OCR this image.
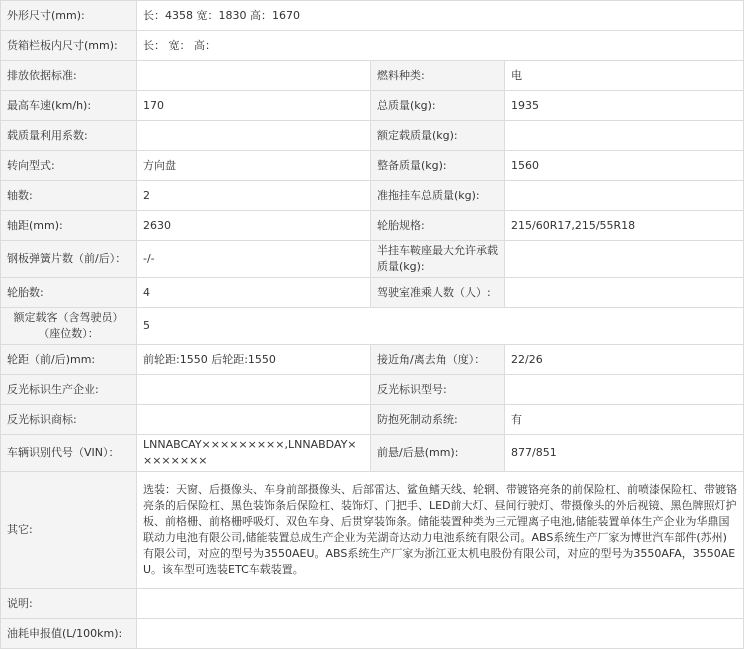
外形尺寸(mm):	长：4358 宽：1830 高：1670		
货箱栏板内尺寸(mm):	长： 宽： 高：		
排放依据标准:		燃料种类:	电
最高车速(km/h):	170	总质量(kg):	1935
载质量利用系数:		额定载质量(kg):	
转向型式:	方向盘	整备质量(kg):	1560
轴数:	2	准拖挂车总质量(kg):	
轴距(mm):	2630	轮胎规格:	215/60R17,215/55R18
钢板弹簧片数（前/后）：	-/-	半挂车鞍座最大允许承载质量(kg):	
轮胎数:	4	驾驶室准乘人数（人）:	
额定载客（含驾驶员）（座位数）：	5		
轮距（前/后)mm:	前轮距:1550 后轮距:1550	接近角/离去角（度）：	22/26
反光标识生产企业:		反光标识型号:	
反光标识商标:		防抱死制动系统:	有
车辆识别代号（VIN）：	LNNABCAY×××××××××,LNNABDAY××××××××	前悬/后悬(mm):	877/851
其它:	选装：天窗、后摄像头、车身前部摄像头、后部雷达、鲨鱼鳍天线、轮辋、带镀铬亮条的前保险杠、前喷漆保险杠、带镀铬亮条的后保险杠、黑色装饰条后保险杠、装饰灯、门把手、LED前大灯、昼间行驶灯、带摄像头的外后视镜、黑色牌照灯护板、前格栅、前格栅呼吸灯、双色车身、后贯穿装饰条。储能装置种类为三元锂离子电池,储能装置单体生产企业为华鼎国联动力电池有限公司,储能装置总成生产企业为芜湖奇达动力电池系统有限公司。ABS系统生产厂家为博世汽车部件(苏州)有限公司，对应的型号为3550AEU。ABS系统生产厂家为浙江亚太机电股份有限公司，对应的型号为3550AFA，3550AEU。该车型可选装ETC车载装置。		
说明:			
油耗申报值(L/100km):			
